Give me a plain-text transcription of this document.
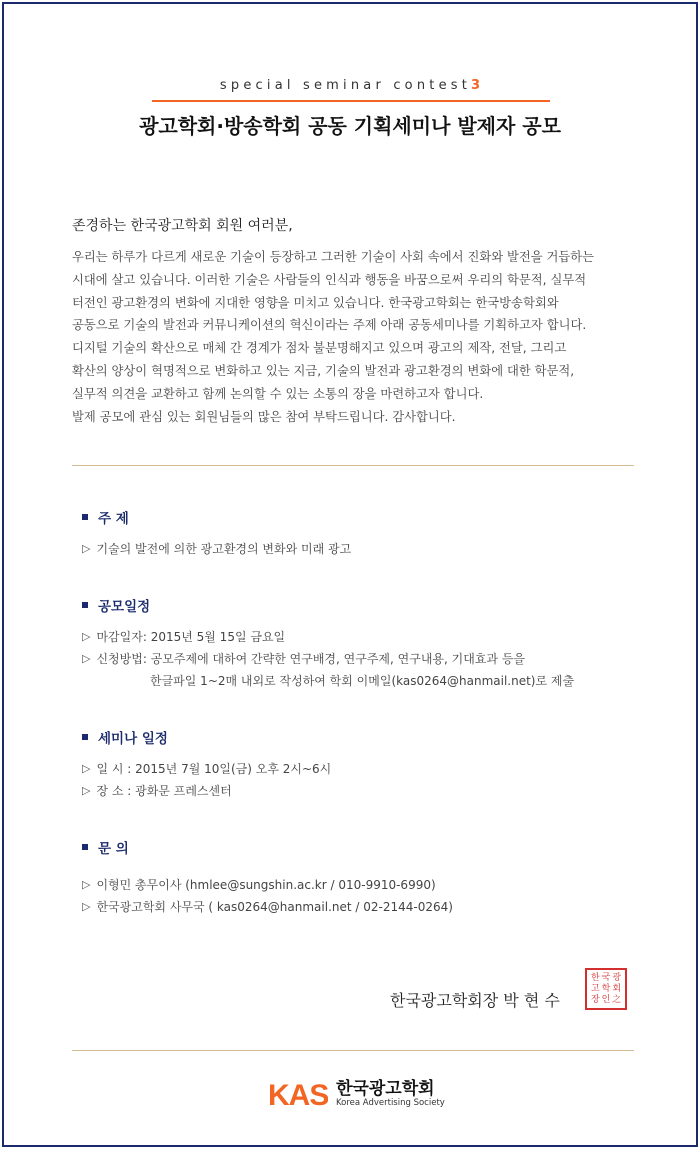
special seminar contest3
광고학회·방송학회 공동 기획세미나 발제자 공모
존경하는 한국광고학회 회원 여러분,
우리는 하루가 다르게 새로운 기술이 등장하고 그러한 기술이 사회 속에서 진화와 발전을 거듭하는
시대에 살고 있습니다. 이러한 기술은 사람들의 인식과 행동을 바꿈으로써 우리의 학문적, 실무적
터전인 광고환경의 변화에 지대한 영향을 미치고 있습니다. 한국광고학회는 한국방송학회와
공동으로 기술의 발전과 커뮤니케이션의 혁신이라는 주제 아래 공동세미나를 기획하고자 합니다.
디지털 기술의 확산으로 매체 간 경계가 점차 불분명해지고 있으며 광고의 제작, 전달, 그리고
확산의 양상이 혁명적으로 변화하고 있는 지금, 기술의 발전과 광고환경의 변화에 대한 학문적,
실무적 의견을 교환하고 함께 논의할 수 있는 소통의 장을 마련하고자 합니다.
발제 공모에 관심 있는 회원님들의 많은 참여 부탁드립니다. 감사합니다.
주 제
▷ 기술의 발전에 의한 광고환경의 변화와 미래 광고
공모일정
▷ 마감일자: 2015년 5월 15일 금요일
▷ 신청방법: 공모주제에 대하여 간략한 연구배경, 연구주제, 연구내용, 기대효과 등을
한글파일 1~2매 내외로 작성하여 학회 이메일(kas0264@hanmail.net)로 제출
세미나 일정
▷ 일 시 : 2015년 7월 10일(금) 오후 2시~6시
▷ 장 소 : 광화문 프레스센터
문 의
▷ 이형민 총무이사 (hmlee@sungshin.ac.kr / 010-9910-6990)
▷ 한국광고학회 사무국 ( kas0264@hanmail.net / 02-2144-0264)
한국광고학회장 박 현 수
한 국 광
고 학 회
장 인 之
KAS 한국광고학회
Korea Advertising Society
